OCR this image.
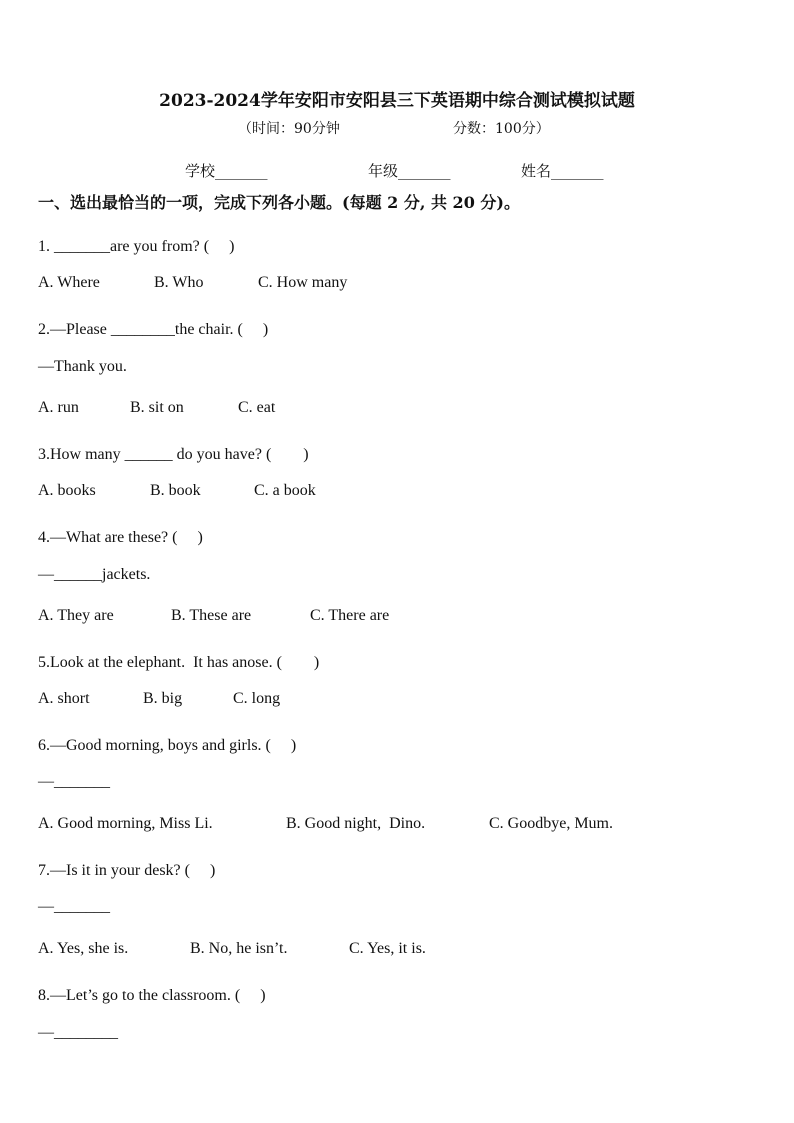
2023-2024学年安阳市安阳县三下英语期中综合测试模拟试题
（时间：90分钟	分数：100分）
学校_______	年级_______	姓名_______
一、选出最恰当的一项，完成下列各小题。(每题 2 分, 共 20 分)。
1. _______are you from? (　 )
A. Where	B. Who	C. How many
2.—Please ________the chair. (　 )
—Thank you.
A. run	B. sit on	C. eat
3.How many ______ do you have? (　　)
A. books	B. book	C. a book
4.—What are these? (　 )
—______jackets.
A. They are	B. These are	C. There are
5.Look at the elephant.  It has anose. (　　)
A. short	B. big	C. long
6.—Good morning, boys and girls. (　 )
—_______
A. Good morning, Miss Li.	B. Good night,  Dino.	C. Goodbye, Mum.
7.—Is it in your desk? (　 )
—_______
A. Yes, she is.	B. No, he isn’t.	C. Yes, it is.
8.—Let’s go to the classroom. (　 )
—________
